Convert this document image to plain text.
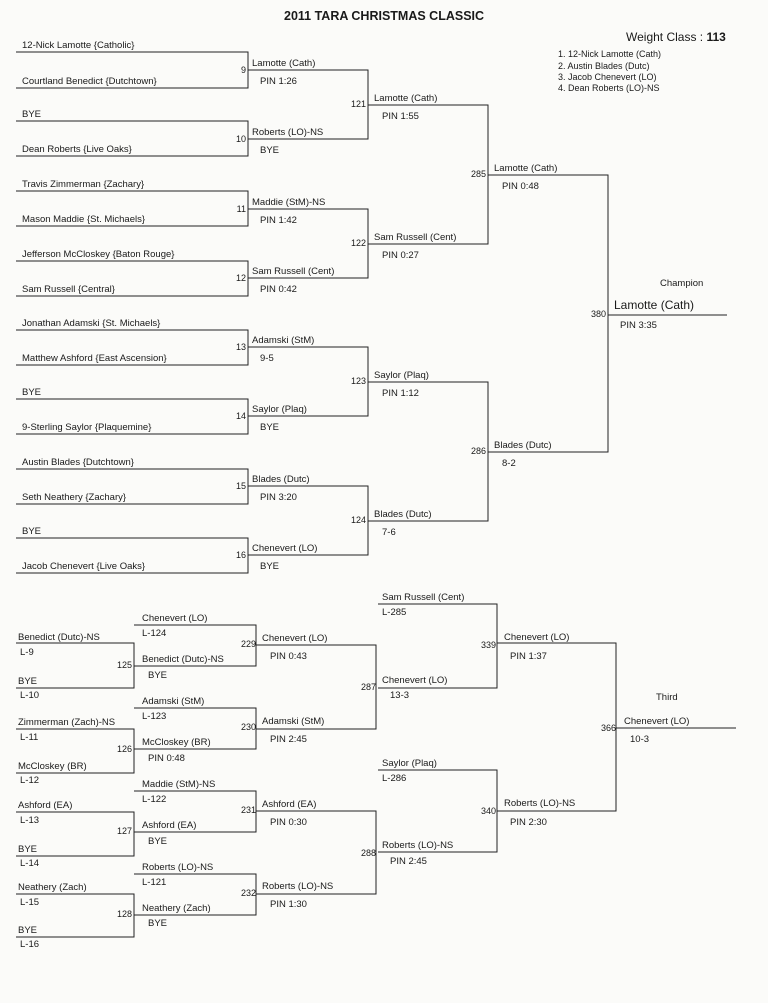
2011 TARA CHRISTMAS CLASSIC
Weight Class : 113
1. 12-Nick Lamotte (Cath)
2. Austin Blades (Dutc)
3. Jacob Chenevert (LO)
4. Dean Roberts (LO)-NS
12-Nick Lamotte {Catholic}
Courtland Benedict {Dutchtown}
BYE
Dean Roberts {Live Oaks}
Travis Zimmerman {Zachary}
Mason Maddie {St. Michaels}
Jefferson McCloskey {Baton Rouge}
Sam Russell {Central}
Jonathan Adamski {St. Michaels}
Matthew Ashford {East Ascension}
BYE
9-Sterling Saylor {Plaquemine}
Austin Blades {Dutchtown}
Seth Neathery {Zachary}
BYE
Jacob Chenevert {Live Oaks}
9
Lamotte (Cath)
PIN 1:26
10
Roberts (LO)-NS
BYE
11
Maddie (StM)-NS
PIN 1:42
12
Sam Russell (Cent)
PIN 0:42
13
Adamski (StM)
9-5
14
Saylor (Plaq)
BYE
15
Blades (Dutc)
PIN 3:20
16
Chenevert (LO)
BYE
121 Lamotte (Cath)
PIN 1:55
122 Sam Russell (Cent)
PIN 0:27
123 Saylor (Plaq)
PIN 1:12
124 Blades (Dutc)
7-6
285 Lamotte (Cath)
PIN 0:48
286 Blades (Dutc)
8-2
Champion
380
Lamotte (Cath)
PIN 3:35
Benedict (Dutc)-NS
L-9
BYE
L-10
Zimmerman (Zach)-NS
L-11
McCloskey (BR)
L-12
Ashford (EA)
L-13
BYE
L-14
Neathery (Zach)
L-15
BYE
L-16
125 Benedict (Dutc)-NS
BYE
126
McCloskey (BR)
PIN 0:48
127 Ashford (EA)
BYE
128 Neathery (Zach)
BYE
Chenevert (LO)
L-124
Adamski (StM)
L-123
Maddie (StM)-NS
L-122
Roberts (LO)-NS
L-121
229 Chenevert (LO)
PIN 0:43
230 Adamski (StM)
PIN 2:45
231 Ashford (EA)
PIN 0:30
232
Roberts (LO)-NS
PIN 1:30
287
Chenevert (LO)
13-3
288
Roberts (LO)-NS
PIN 2:45
Sam Russell (Cent)
L-285
Saylor (Plaq)
L-286
339
Chenevert (LO)
PIN 1:37
340
Roberts (LO)-NS
PIN 2:30
Third
366
Chenevert (LO)
10-3
